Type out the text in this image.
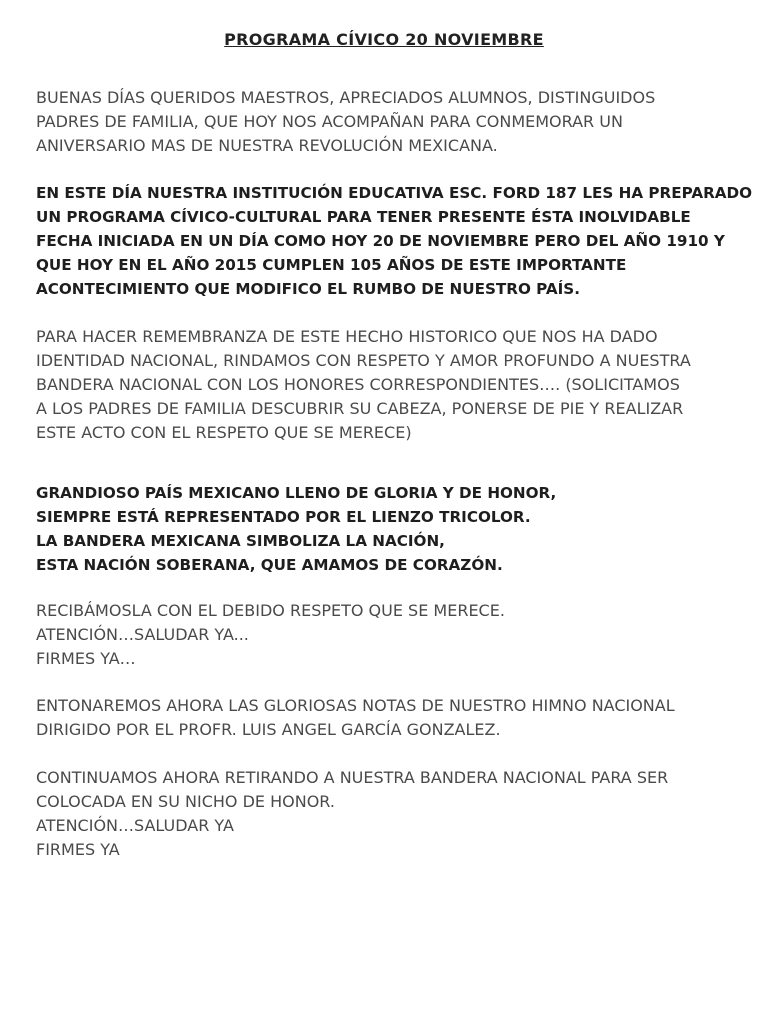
PROGRAMA CÍVICO 20 NOVIEMBRE
BUENAS DÍAS QUERIDOS MAESTROS, APRECIADOS ALUMNOS, DISTINGUIDOS
PADRES DE FAMILIA, QUE HOY NOS ACOMPAÑAN PARA CONMEMORAR UN
ANIVERSARIO MAS DE NUESTRA REVOLUCIÓN MEXICANA.
EN ESTE DÍA NUESTRA INSTITUCIÓN EDUCATIVA ESC. FORD 187 LES HA PREPARADO
UN PROGRAMA CÍVICO-CULTURAL PARA TENER PRESENTE ÉSTA INOLVIDABLE
FECHA INICIADA EN UN DÍA COMO HOY 20 DE NOVIEMBRE PERO DEL AÑO 1910 Y
QUE HOY EN EL AÑO 2015 CUMPLEN 105 AÑOS DE ESTE IMPORTANTE
ACONTECIMIENTO QUE MODIFICO EL RUMBO DE NUESTRO PAÍS.
PARA HACER REMEMBRANZA DE ESTE HECHO HISTORICO QUE NOS HA DADO
IDENTIDAD NACIONAL, RINDAMOS CON RESPETO Y AMOR PROFUNDO A NUESTRA
BANDERA NACIONAL CON LOS HONORES CORRESPONDIENTES…. (SOLICITAMOS
A LOS PADRES DE FAMILIA DESCUBRIR SU CABEZA, PONERSE DE PIE Y REALIZAR
ESTE ACTO CON EL RESPETO QUE SE MERECE)
GRANDIOSO PAÍS MEXICANO LLENO DE GLORIA Y DE HONOR,
SIEMPRE ESTÁ REPRESENTADO POR EL LIENZO TRICOLOR.
LA BANDERA MEXICANA SIMBOLIZA LA NACIÓN,
ESTA NACIÓN SOBERANA, QUE AMAMOS DE CORAZÓN.
RECIBÁMOSLA CON EL DEBIDO RESPETO QUE SE MERECE.
ATENCIÓN…SALUDAR YA...
FIRMES YA…
ENTONAREMOS AHORA LAS GLORIOSAS NOTAS DE NUESTRO HIMNO NACIONAL
DIRIGIDO POR EL PROFR. LUIS ANGEL GARCÍA GONZALEZ.
CONTINUAMOS AHORA RETIRANDO A NUESTRA BANDERA NACIONAL PARA SER
COLOCADA EN SU NICHO DE HONOR.
ATENCIÓN…SALUDAR YA
FIRMES YA
